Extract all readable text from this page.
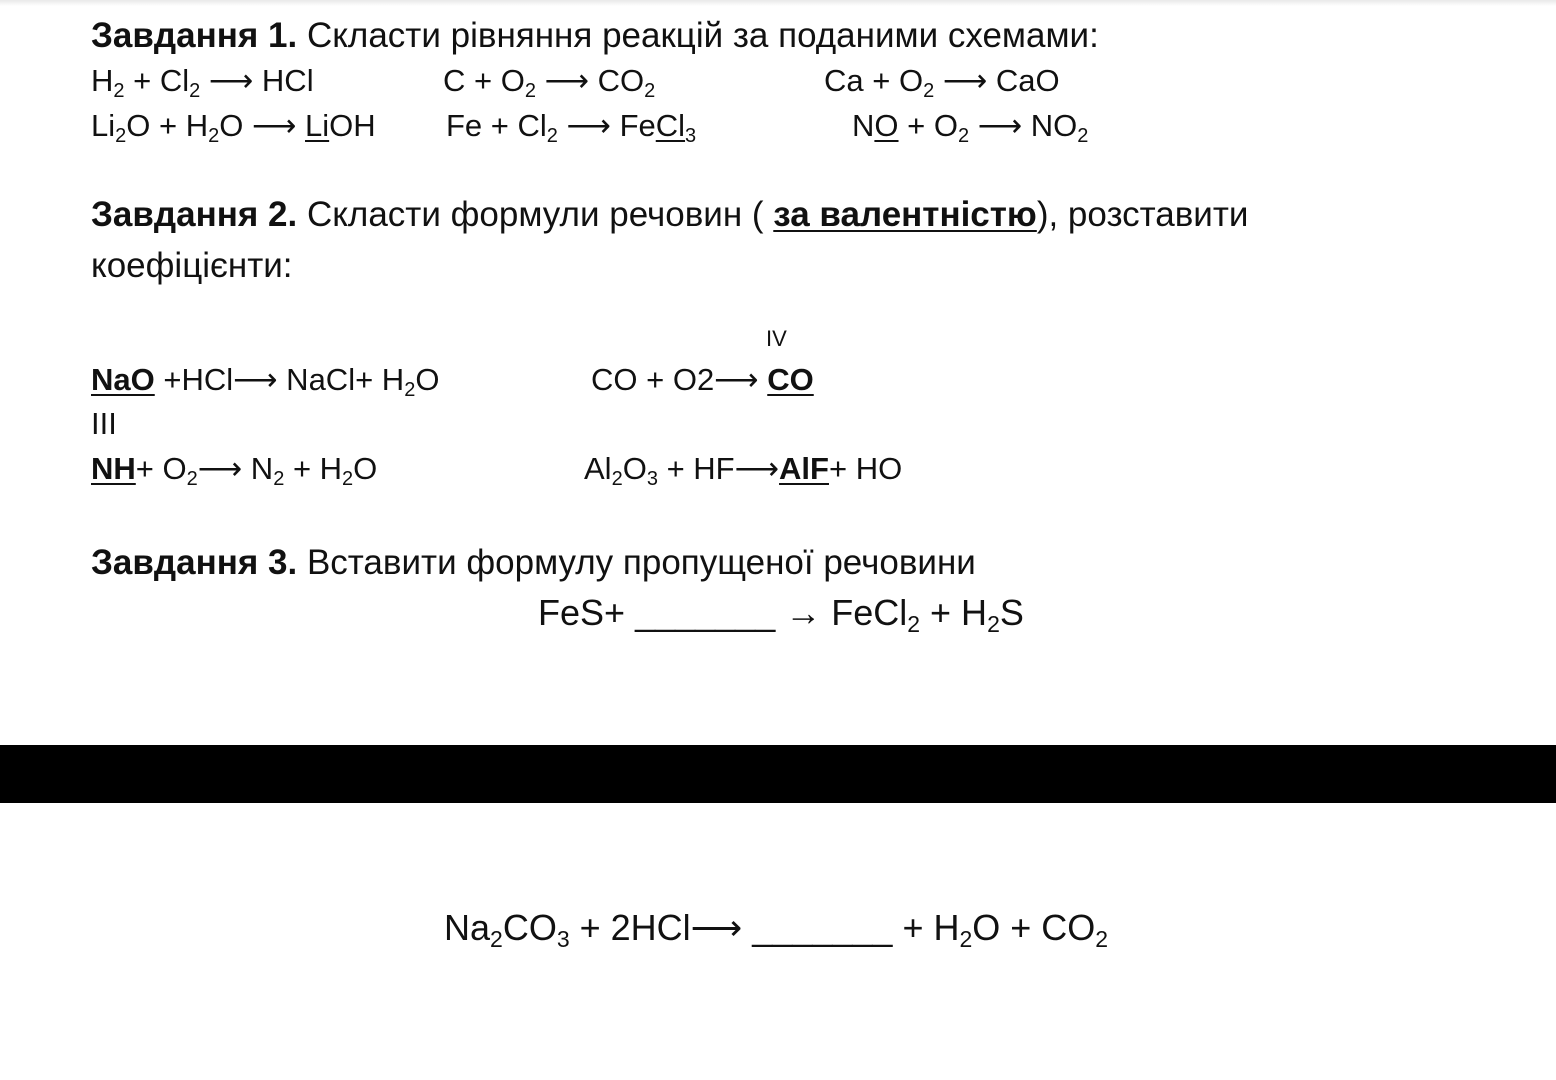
Завдання 1. Скласти рівняння реакцій за поданими схемами:
$H_2 + Cl_2$ ⟶ HCl	$C + O_2$ ⟶ $CO_2$	$Ca + O_2$ ⟶ CaO
$Li_2O + H_2O$ ⟶ LiOH $Fe + Cl_2$ ⟶ FeCl$_3$	NO + $O_2$ ⟶ $NO_2$
Завдання 2. Скласти формули речовин ( за валентністю), розставити
коефіцієнти:
IV
NaO +HCl⟶ NaCl+ $H_2O$	CO + O2⟶ CO
III
$NH+ O_2⟶$ $N_2 + H_2O$	$Al_2O_3$ + HF⟶AlF+ HO
Завдання 3. Вставити формулу пропущеної речовини
FeS+ _______ → FeCl$_2$ + $H_2S$
$Na_2CO_3$ + 2HCl⟶ _______ + $H_2O + CO_2$
